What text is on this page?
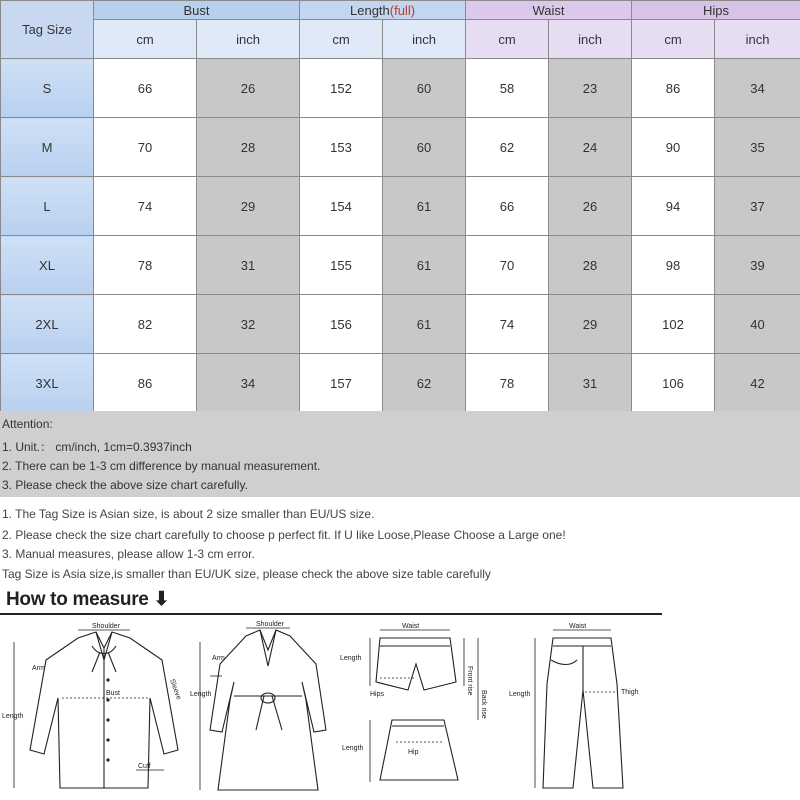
Tag Size	Bust		Length(full)		Waist		Hips	
	cm	inch	cm	inch	cm	inch	cm	inch
S	66	26	152	60	58	23	86	34
M	70	28	153	60	62	24	90	35
L	74	29	154	61	66	26	94	37
XL	78	31	155	61	70	28	98	39
2XL	82	32	156	61	74	29	102	40
3XL	86	34	157	62	78	31	106	42
Attention:
1. Unit.： cm/inch, 1cm=0.3937inch
2. There can be 1-3 cm difference by manual measurement.
3. Please check the above size chart carefully.
1. The Tag Size is Asian size, is about 2 size smaller than EU/US size.
2. Please check the size chart carefully to choose p perfect fit. If U like Loose,Please Choose a Large one!
3. Manual measures, please allow 1-3 cm error.
Tag Size is Asia size,is smaller than EU/UK size, please check the above size table carefully
How to measure ⬇
Shoulder
Arm
Bust	Sleeve
Length
Cuff
Shoulder
Arm
Length
Waist
Length
Hips	Front rise
Back rise
Length
Hip
Waist
Length	Thigh
